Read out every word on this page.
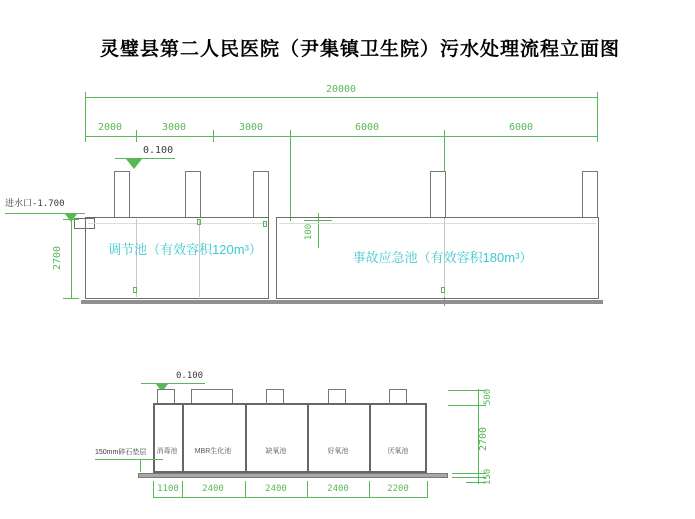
灵璧县第二人民医院（尹集镇卫生院）污水处理流程立面图
20000
2000	3000	3000	6000	6000
0.100
进水口-1.700
2700
100
调节池（有效容积120m³）
事故应急池（有效容积180m³）
0.100
消毒池	MBR生化池	缺氧池	好氧池	厌氧池
150mm碎石垫层
1100	2400	2400	2400	2200
500
2700
150
